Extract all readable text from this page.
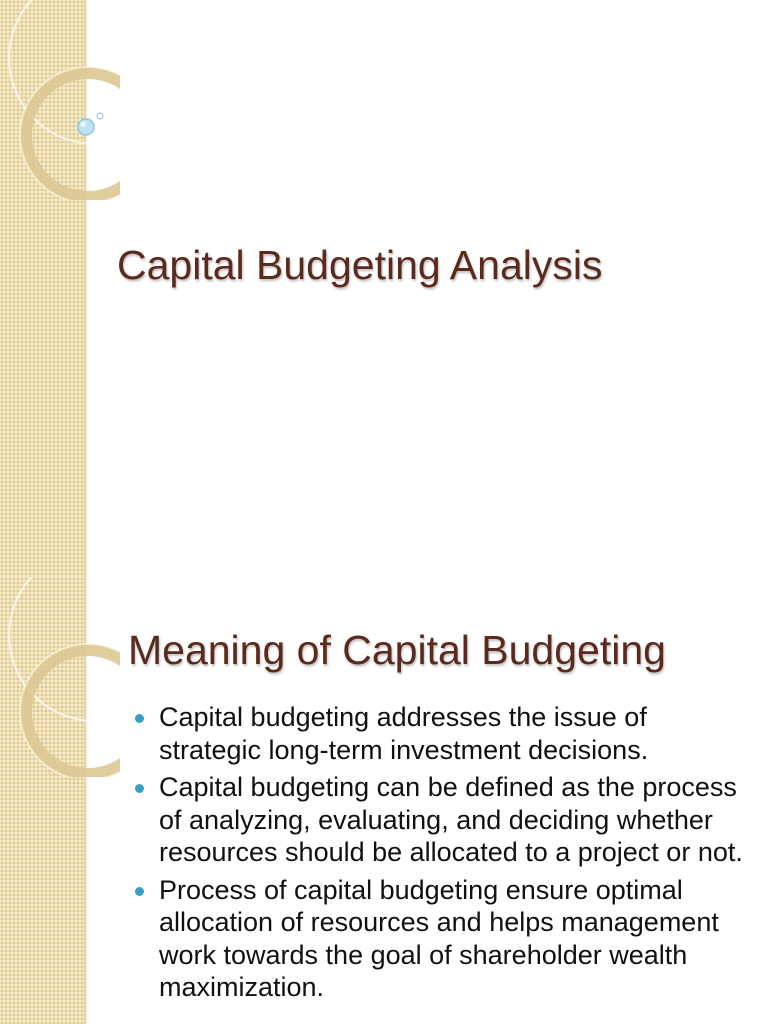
Capital Budgeting Analysis
Meaning of Capital Budgeting
Capital budgeting addresses the issue of strategic long-term investment decisions.
Capital budgeting can be defined as the process of analyzing, evaluating, and deciding whether resources should be allocated to a project or not.
Process of capital budgeting ensure optimal allocation of resources and helps management work towards the goal of shareholder wealth maximization.
